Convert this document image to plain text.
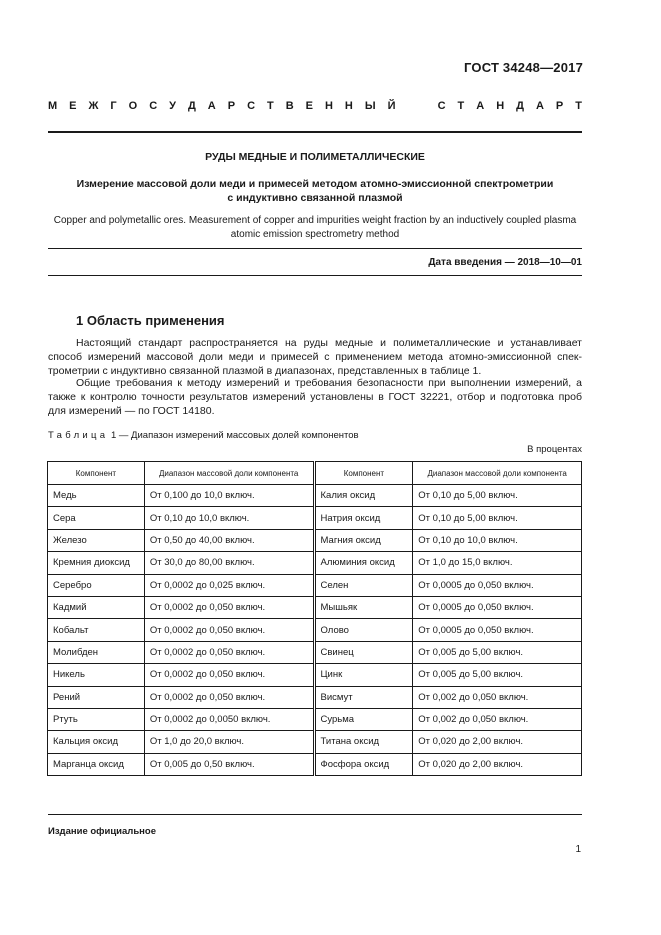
ГОСТ 34248—2017
М Е Ж Г О С У Д А Р С Т В Е Н Н Ы Й

	С Т А Н Д А Р Т
РУДЫ МЕДНЫЕ И ПОЛИМЕТАЛЛИЧЕСКИЕ
Измерение массовой доли меди и примесей методом атомно-эмиссионной спектрометрии
с индуктивно связанной плазмой
Copper and polymetallic ores. Measurement of copper and impurities weight fraction by an inductively coupled plasma
atomic emission spectrometry method
Дата введения — 2018—10—01
1 Область применения
Настоящий стандарт распространяется на руды медные и полиметаллические и устанавливает
способ измерений массовой доли меди и примесей с применением метода атомно-эмиссионной спек-
трометрии с индуктивно связанной плазмой в диапазонах, представленных в таблице 1.
Общие требования к методу измерений и требования безопасности при выполнении измерений, а
также к контролю точности результатов измерений установлены в ГОСТ 32221, отбор и подготовка проб
для измерений — по ГОСТ 14180.
Таблица 1 — Диапазон измерений массовых долей компонентов
В процентах
Компонент	Диапазон массовой доли компонента	Компонент	Диапазон массовой доли компонента
Медь	От 0,100 до 10,0 включ.	Калия оксид	От 0,10 до 5,00 включ.
Сера	От 0,10 до 10,0 включ.	Натрия оксид	От 0,10 до 5,00 включ.
Железо	От 0,50 до 40,00 включ.	Магния оксид	От 0,10 до 10,0 включ.
Кремния диоксид	От 30,0 до 80,00 включ.	Алюминия оксид	От 1,0 до 15,0 включ.
Серебро	От 0,0002 до 0,025 включ.	Селен	От 0,0005 до 0,050 включ.
Кадмий	От 0,0002 до 0,050 включ.	Мышьяк	От 0,0005 до 0,050 включ.
Кобальт	От 0,0002 до 0,050 включ.	Олово	От 0,0005 до 0,050 включ.
Молибден	От 0,0002 до 0,050 включ.	Свинец	От 0,005 до 5,00 включ.
Никель	От 0,0002 до 0,050 включ.	Цинк	От 0,005 до 5,00 включ.
Рений	От 0,0002 до 0,050 включ.	Висмут	От 0,002 до 0,050 включ.
Ртуть	От 0,0002 до 0,0050 включ.	Сурьма	От 0,002 до 0,050 включ.
Кальция оксид	От 1,0 до 20,0 включ.	Титана оксид	От 0,020 до 2,00 включ.
Марганца оксид	От 0,005 до 0,50 включ.	Фосфора оксид	От 0,020 до 2,00 включ.
Издание официальное
1
